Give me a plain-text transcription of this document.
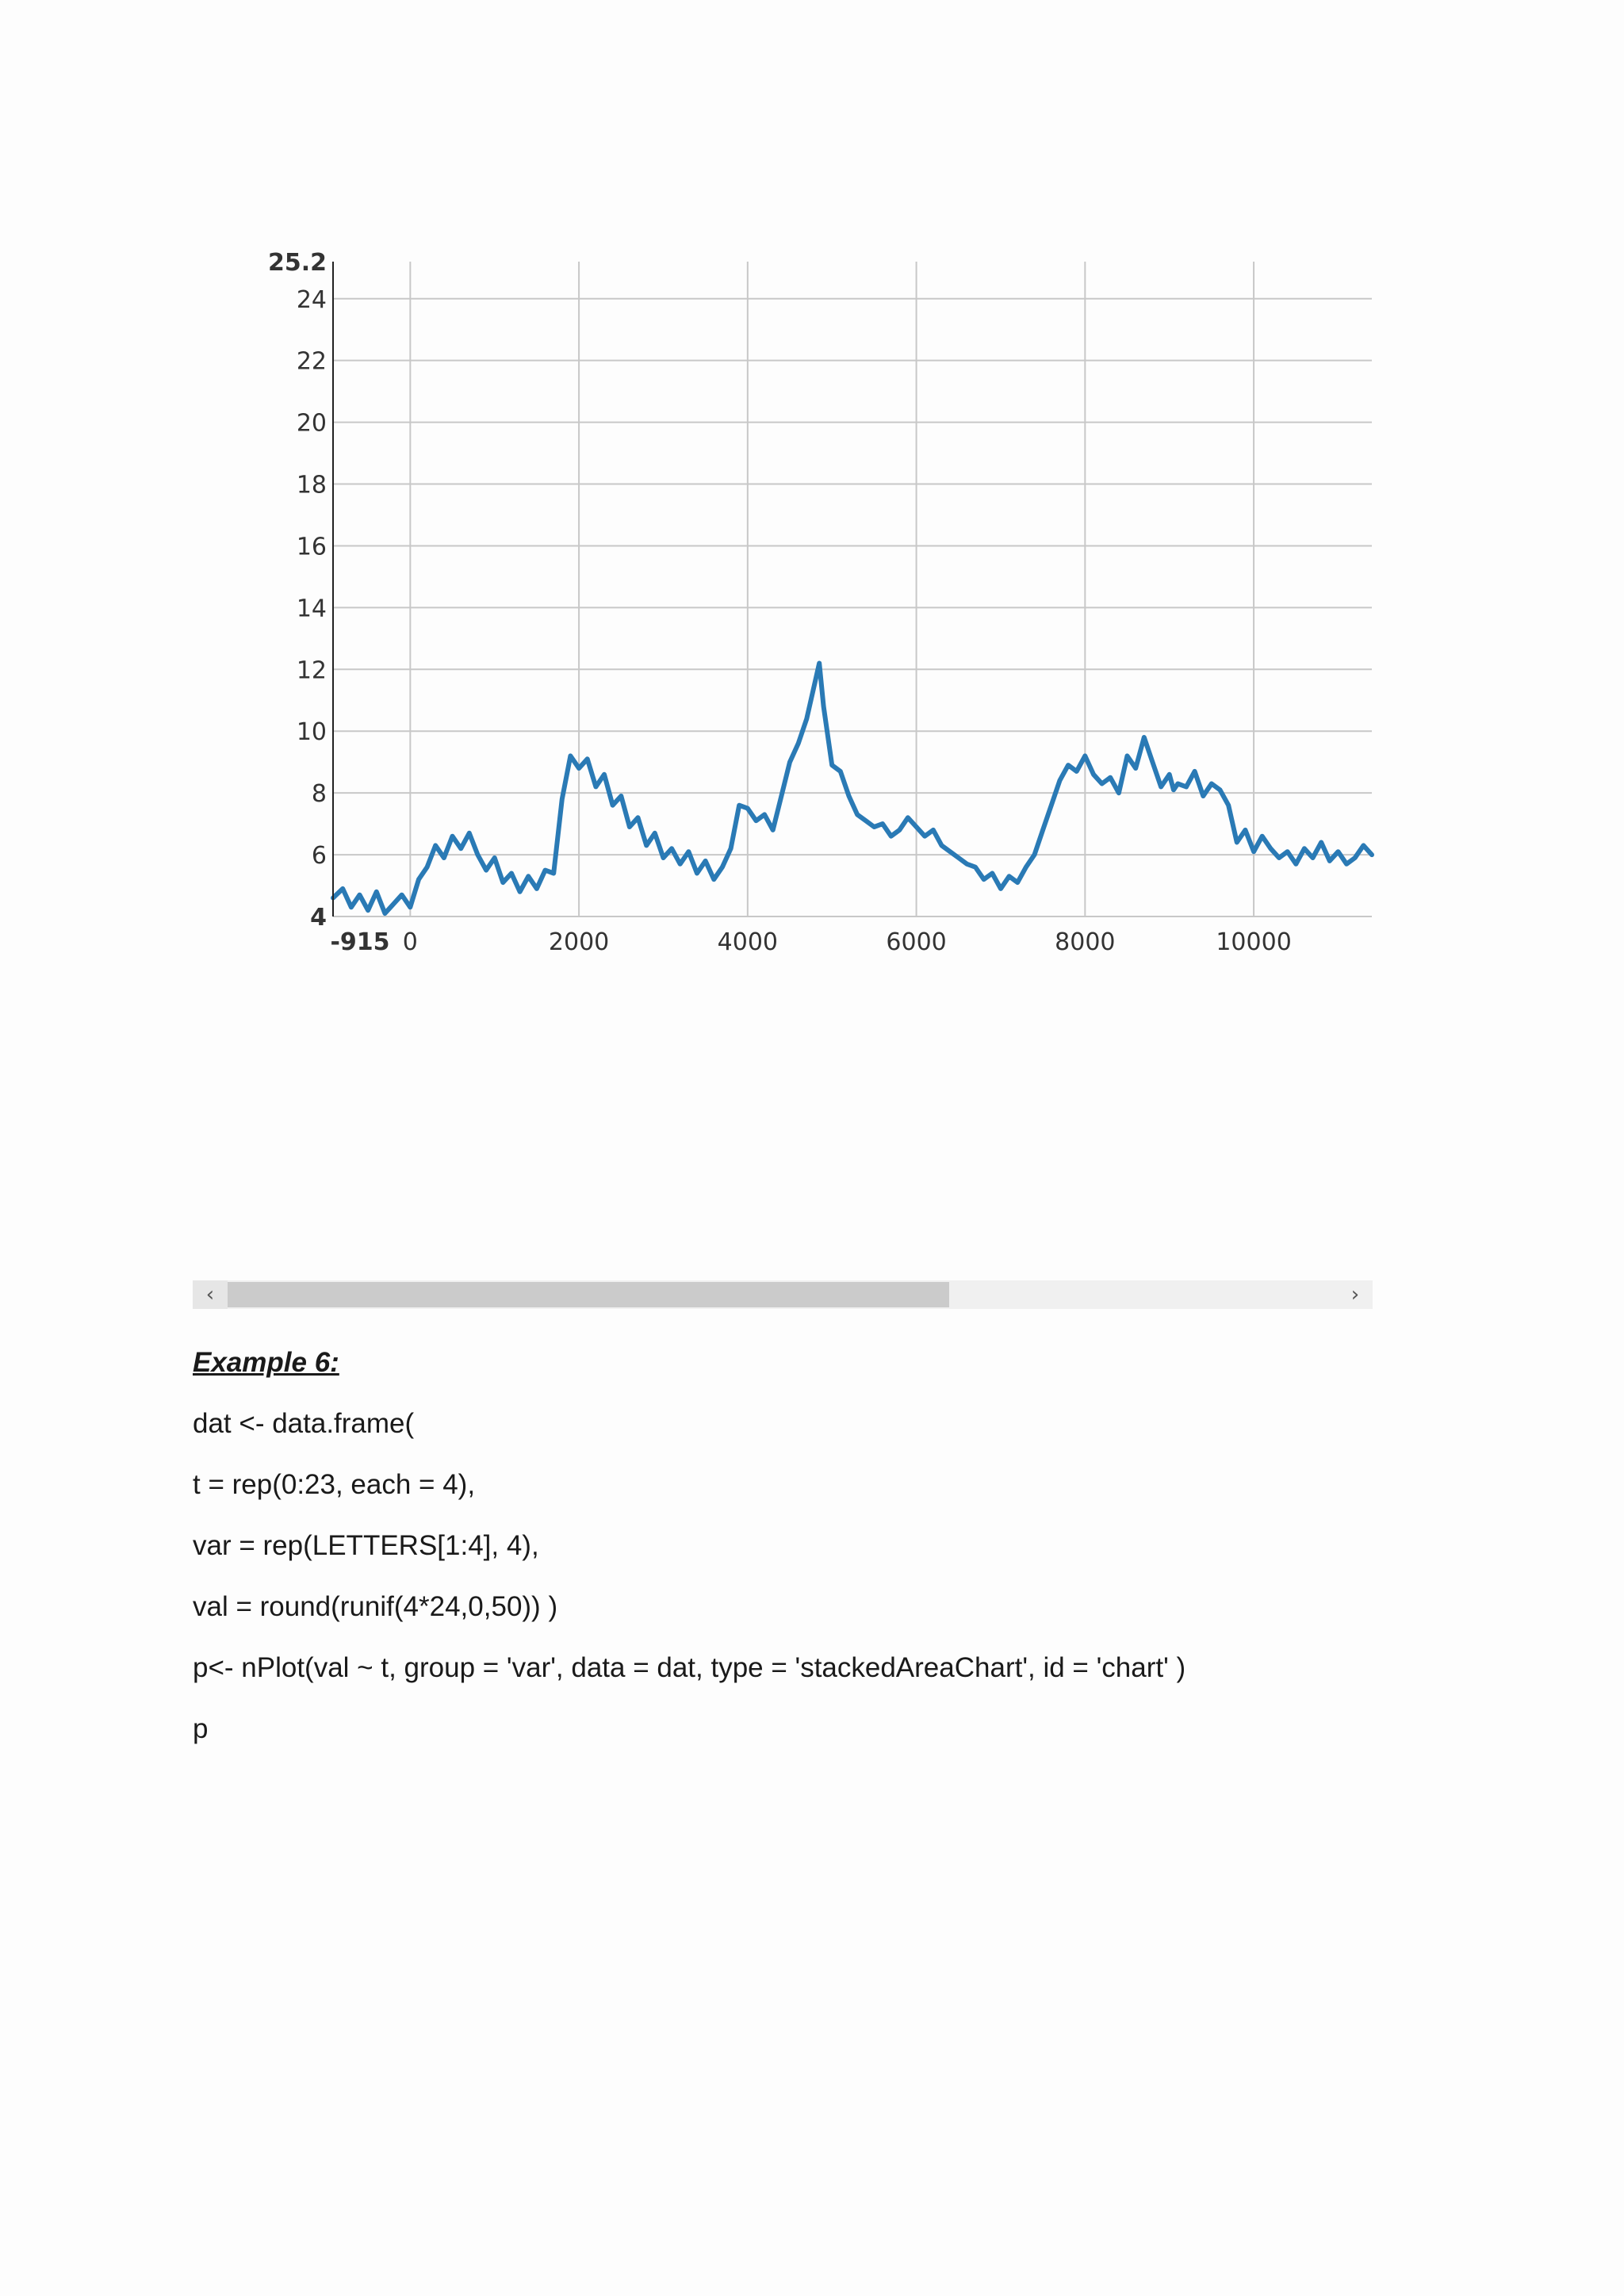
25.2
24
22
20
18
16
14
12
10
8
6
4
-915 0	2000	4000	6000	8000	10000
‹	›

Example 6:

dat <- data.frame(

t = rep(0:23, each = 4),

var = rep(LETTERS[1:4], 4),

val = round(runif(4*24,0,50)) )

p<- nPlot(val ~ t, group = 'var', data = dat, type = 'stackedAreaChart', id = 'chart' )

p
